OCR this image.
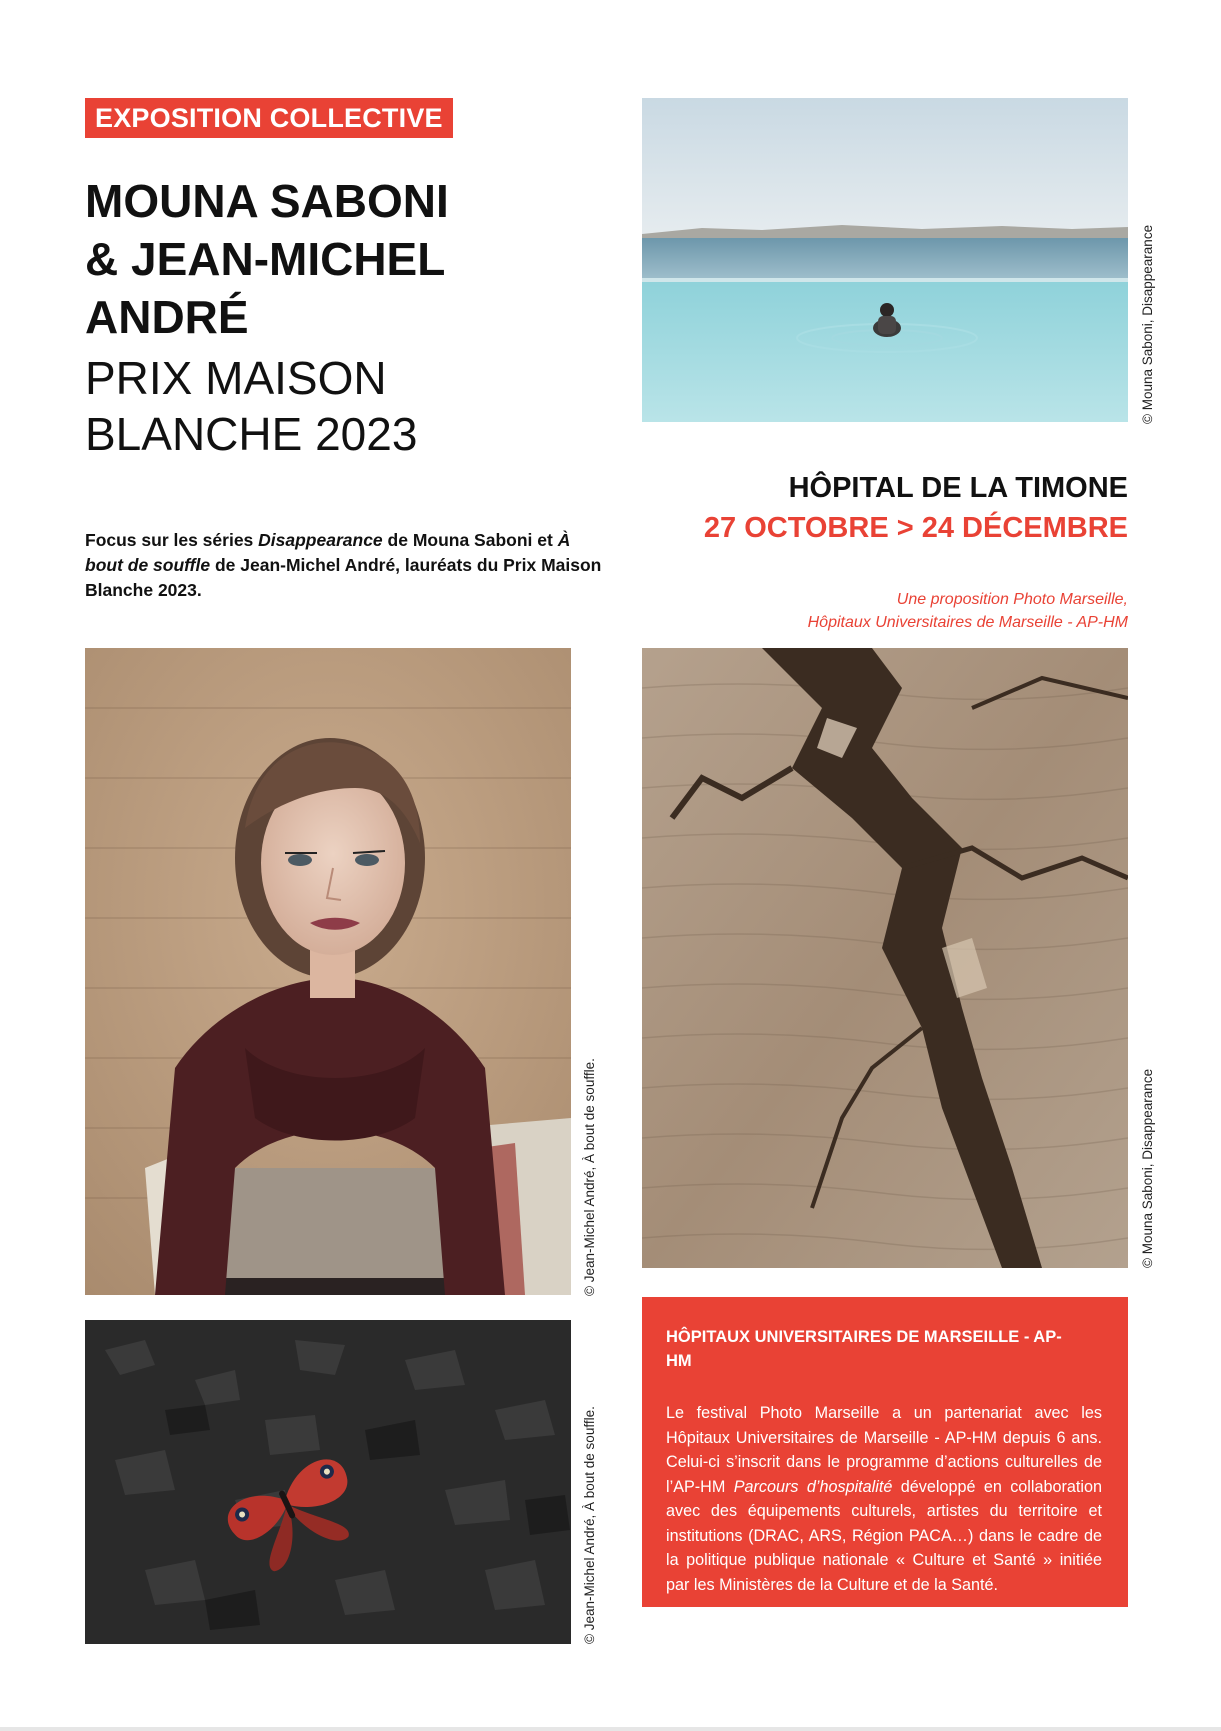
EXPOSITION COLLECTIVE
MOUNA SABONI
& JEAN-MICHEL
ANDRÉ
PRIX MAISON
BLANCHE 2023
Focus sur les séries Disappearance de Mouna Saboni et À bout de souffle de Jean-Michel André, lauréats du Prix Maison Blanche 2023.
HÔPITAL DE LA TIMONE
27 OCTOBRE > 24 DÉCEMBRE
Une proposition Photo Marseille,
Hôpitaux Universitaires de Marseille - AP-HM
© Mouna Saboni, Disappearance
© Jean-Michel André, À bout de souffle.	© Mouna Saboni, Disappearance
© Jean-Michel André, À bout de souffle.
HÔPITAUX UNIVERSITAIRES DE MARSEILLE - AP-HM
Le festival Photo Marseille a un partenariat avec les Hôpitaux Universitaires de Marseille - AP-HM depuis 6 ans. Celui-ci s’inscrit dans le programme d’actions culturelles de l’AP-HM Parcours d’hospitalité développé en collaboration avec des équipements culturels, artistes du territoire et institutions (DRAC, ARS, Région PACA…) dans le cadre de la politique publique nationale « Culture et Santé » initiée par les Ministères de la Culture et de la Santé.
